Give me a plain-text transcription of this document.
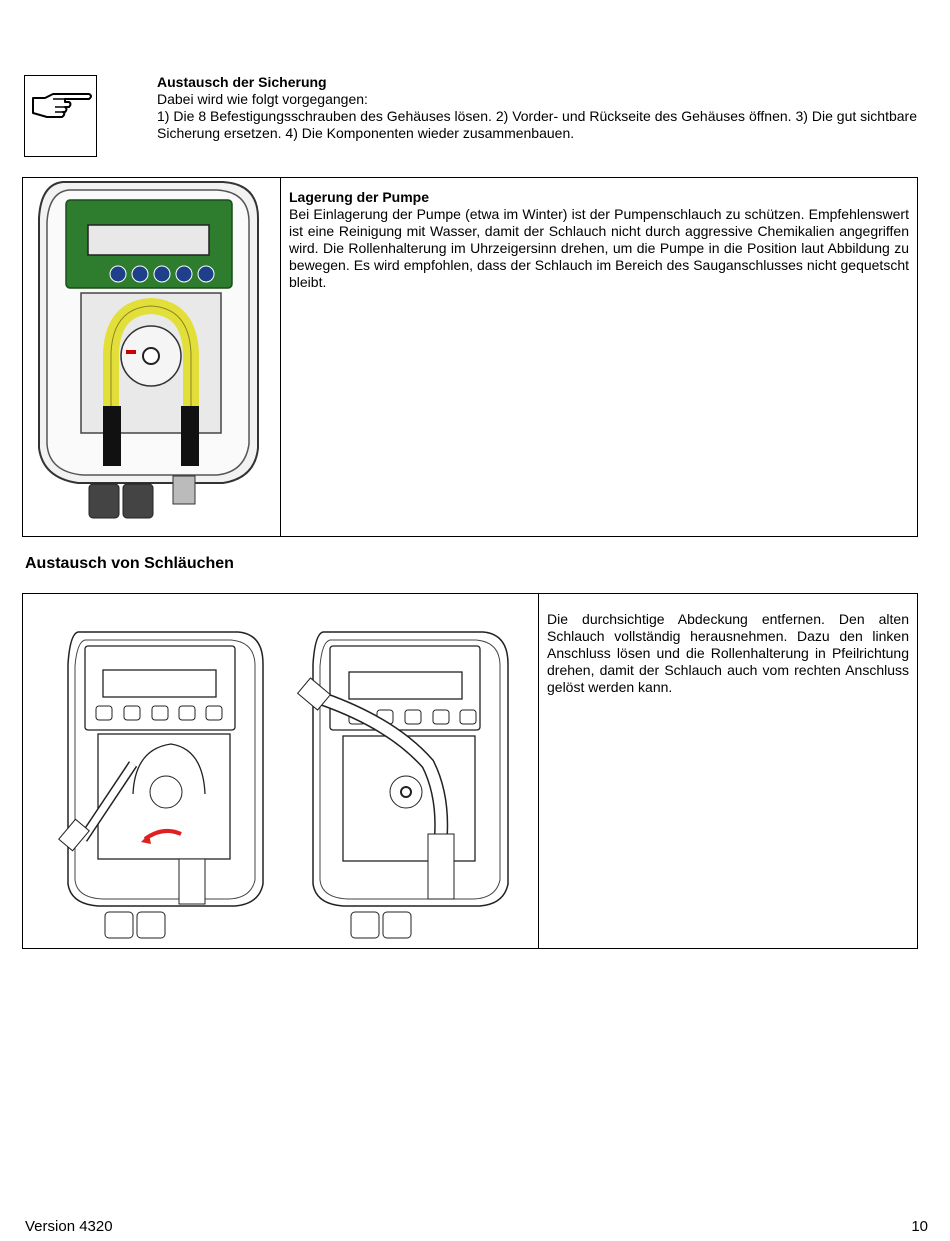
Austausch der Sicherung
Dabei wird wie folgt vorgegangen:
1) Die 8 Befestigungsschrauben des Gehäuses lösen. 2) Vorder- und Rückseite des Gehäuses öffnen. 3) Die gut sichtbare Sicherung ersetzen. 4) Die Komponenten wieder zusammenbauen.
Lagerung der Pumpe
Bei Einlagerung der Pumpe (etwa im Winter) ist der Pumpenschlauch zu schützen. Empfehlenswert ist eine Reinigung mit Wasser, damit der Schlauch nicht durch aggressive Chemikalien angegriffen wird. Die Rollenhalterung im Uhrzeigersinn drehen, um die Pumpe in die Position laut Abbildung zu bewegen. Es wird empfohlen, dass der Schlauch im Bereich des Sauganschlusses nicht gequetscht bleibt.
Austausch von Schläuchen
Die durchsichtige Abdeckung entfernen. Den alten Schlauch vollständig herausnehmen. Dazu den linken Anschluss lösen und die Rollenhalterung in Pfeilrichtung drehen, damit der Schlauch auch vom rechten Anschluss gelöst werden kann.
Version 4320	10
